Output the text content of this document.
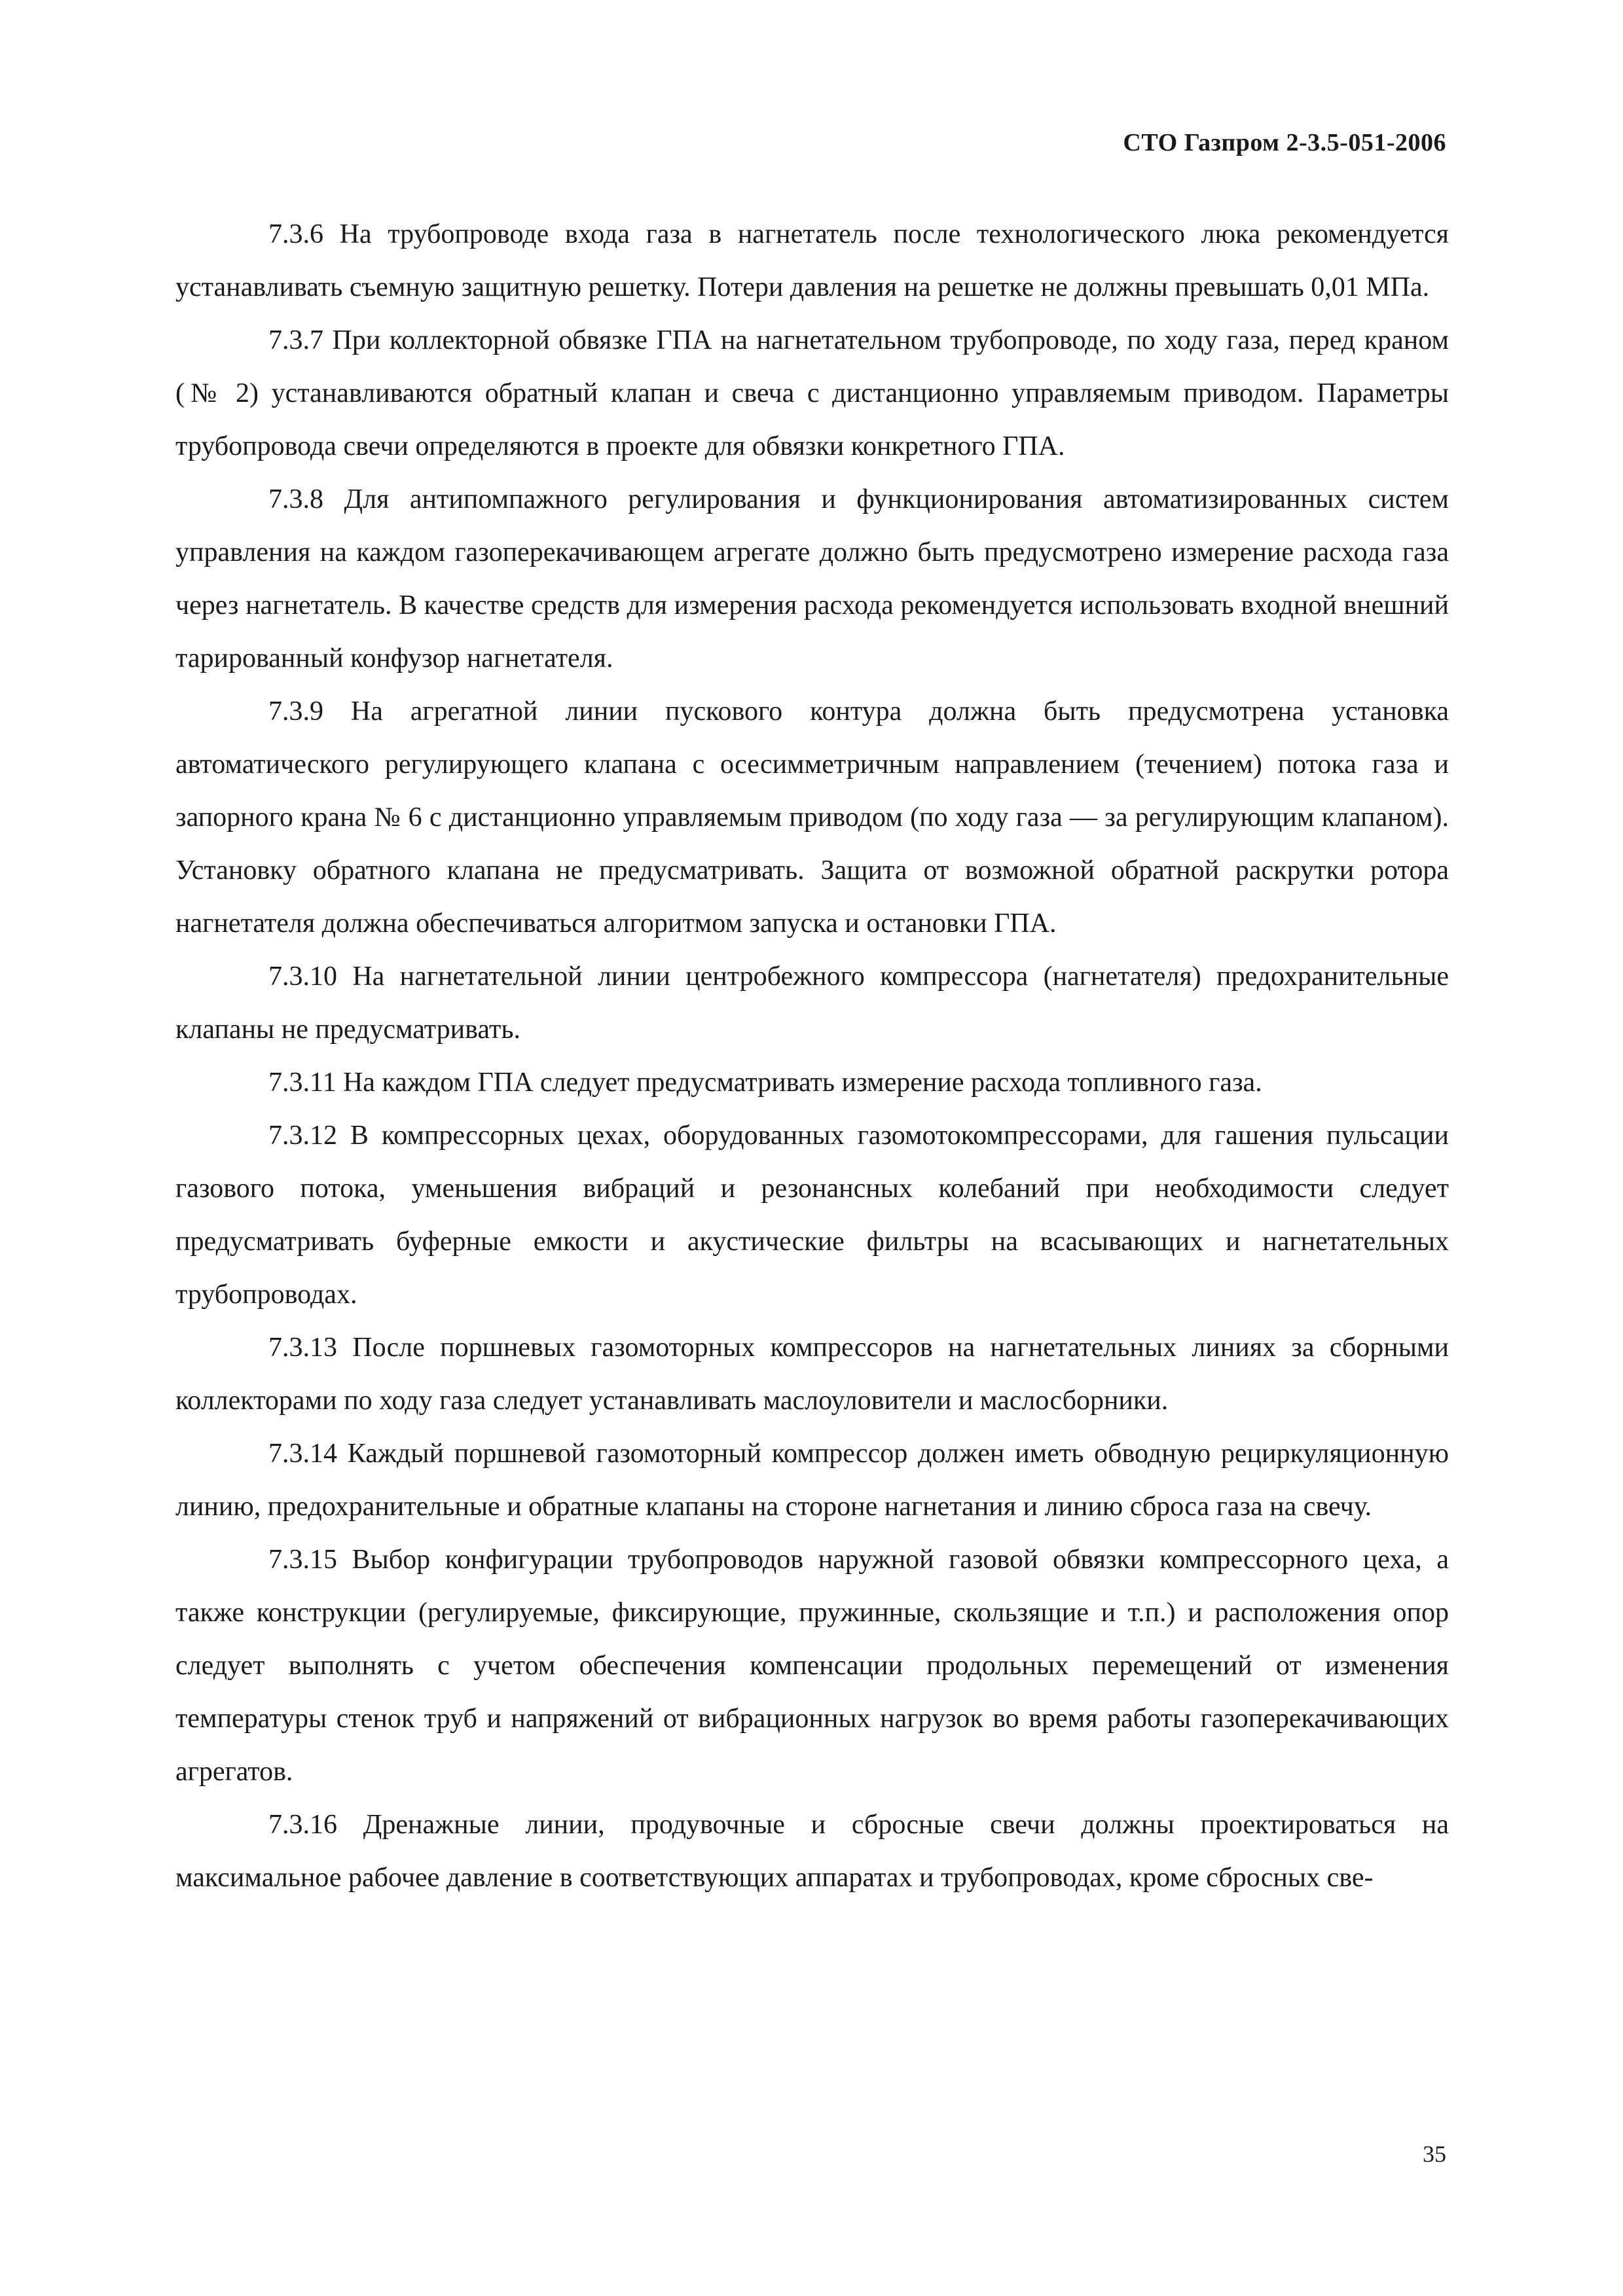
СТО Газпром 2-3.5-051-2006

7.3.6 На трубопроводе входа газа в нагнетатель после технологического люка рекомендуется устанавливать съемную защитную решетку. Потери давления на решетке не должны превышать 0,01 МПа.

7.3.7 При коллекторной обвязке ГПА на нагнетательном трубопроводе, по ходу газа, перед краном (№ 2) устанавливаются обратный клапан и свеча с дистанционно управляемым приводом. Параметры трубопровода свечи определяются в проекте для обвязки конкретного ГПА.

7.3.8 Для антипомпажного регулирования и функционирования автоматизированных систем управления на каждом газоперекачивающем агрегате должно быть предусмотрено измерение расхода газа через нагнетатель. В качестве средств для измерения расхода рекомендуется использовать входной внешний тарированный конфузор нагнетателя.

7.3.9 На агрегатной линии пускового контура должна быть предусмотрена установка автоматического регулирующего клапана с осесимметричным направлением (течением) потока газа и запорного крана № 6 с дистанционно управляемым приводом (по ходу газа — за регулирующим клапаном). Установку обратного клапана не предусматривать. Защита от возможной обратной раскрутки ротора нагнетателя должна обеспечиваться алгоритмом запуска и остановки ГПА.

7.3.10 На нагнетательной линии центробежного компрессора (нагнетателя) предохранительные клапаны не предусматривать.

7.3.11 На каждом ГПА следует предусматривать измерение расхода топливного газа.

7.3.12 В компрессорных цехах, оборудованных газомотокомпрессорами, для гашения пульсации газового потока, уменьшения вибраций и резонансных колебаний при необходимости следует предусматривать буферные емкости и акустические фильтры на всасывающих и нагнетательных трубопроводах.

7.3.13 После поршневых газомоторных компрессоров на нагнетательных линиях за сборными коллекторами по ходу газа следует устанавливать маслоуловители и маслосборники.

7.3.14 Каждый поршневой газомоторный компрессор должен иметь обводную рециркуляционную линию, предохранительные и обратные клапаны на стороне нагнетания и линию сброса газа на свечу.

7.3.15 Выбор конфигурации трубопроводов наружной газовой обвязки компрессорного цеха, а также конструкции (регулируемые, фиксирующие, пружинные, скользящие и т.п.) и расположения опор следует выполнять с учетом обеспечения компенсации продольных перемещений от изменения температуры стенок труб и напряжений от вибрационных нагрузок во время работы газоперекачивающих агрегатов.

7.3.16 Дренажные линии, продувочные и сбросные свечи должны проектироваться на максимальное рабочее давление в соответствующих аппаратах и трубопроводах, кроме сбросных све-

35
